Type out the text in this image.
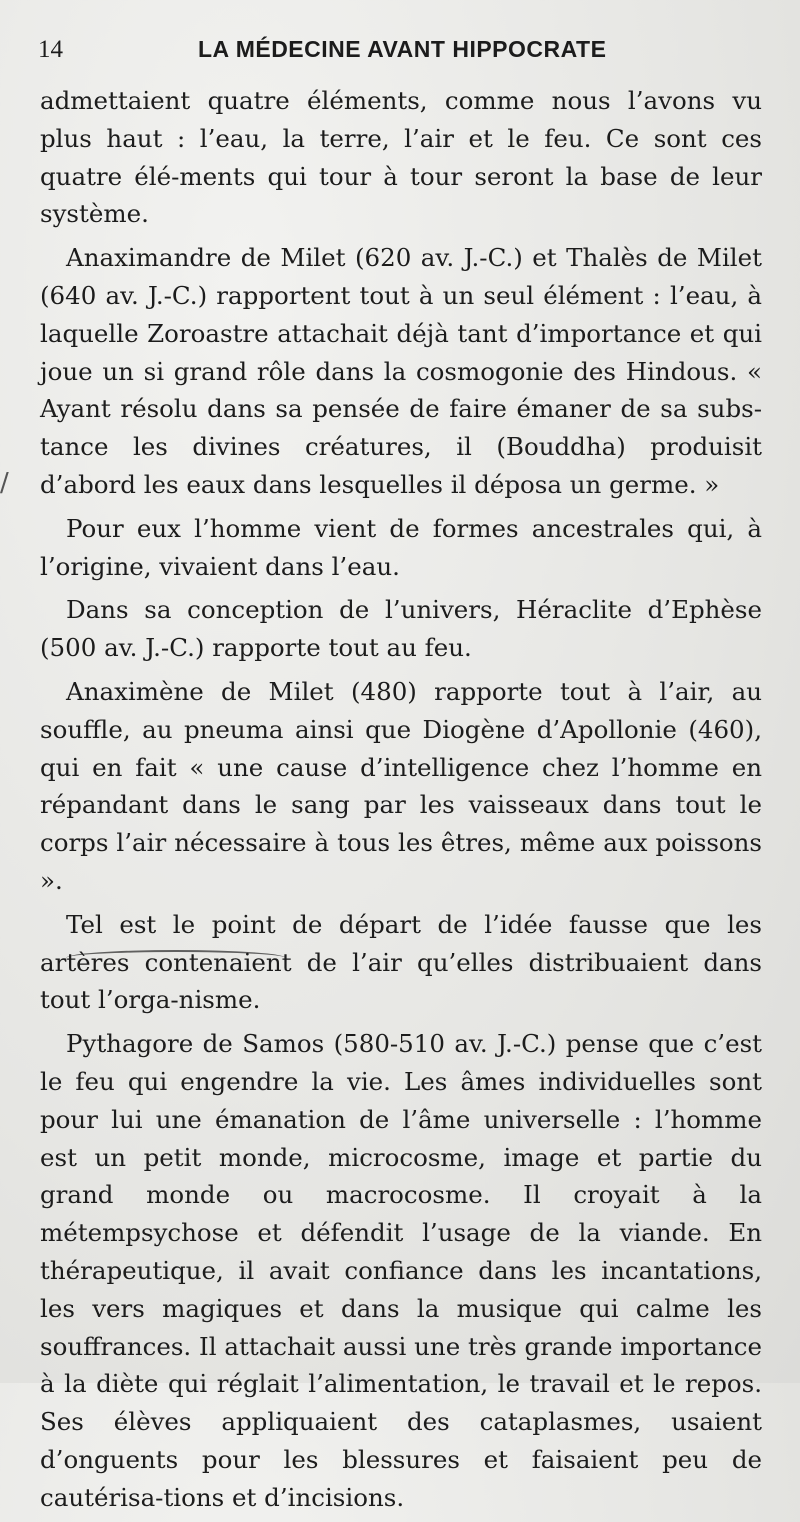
14	LA MÉDECINE AVANT HIPPOCRATE
/

admettaient quatre éléments, comme nous l’avons vu plus haut : l’eau, la terre, l’air et le feu. Ce sont ces quatre élé-ments qui tour à tour seront la base de leur système.

Anaximandre de Milet (620 av. J.-C.) et Thalès de Milet (640 av. J.-C.) rapportent tout à un seul élément : l’eau, à laquelle Zoroastre attachait déjà tant d’importance et qui joue un si grand rôle dans la cosmogonie des Hindous. « Ayant résolu dans sa pensée de faire émaner de sa subs-tance les divines créatures, il (Bouddha) produisit d’abord les eaux dans lesquelles il déposa un germe. »

Pour eux l’homme vient de formes ancestrales qui, à l’origine, vivaient dans l’eau.

Dans sa conception de l’univers, Héraclite d’Ephèse (500 av. J.-C.) rapporte tout au feu.

Anaximène de Milet (480) rapporte tout à l’air, au souffle, au pneuma ainsi que Diogène d’Apollonie (460), qui en fait « une cause d’intelligence chez l’homme en répandant dans le sang par les vaisseaux dans tout le corps l’air nécessaire à tous les êtres, même aux poissons ».

Tel est le point de départ de l’idée fausse que les artères contenaient de l’air qu’elles distribuaient dans tout l’orga-nisme.

Pythagore de Samos (580-510 av. J.-C.) pense que c’est le feu qui engendre la vie. Les âmes individuelles sont pour lui une émanation de l’âme universelle : l’homme est un petit monde, microcosme, image et partie du grand monde ou macrocosme. Il croyait à la métempsychose et défendit l’usage de la viande. En thérapeutique, il avait confiance dans les incantations, les vers magiques et dans la musique qui calme les souffrances. Il attachait aussi une très grande importance à la diète qui réglait l’alimentation, le travail et le repos. Ses élèves appliquaient des cataplasmes, usaient d’onguents pour les blessures et faisaient peu de cautérisa-tions et d’incisions.
